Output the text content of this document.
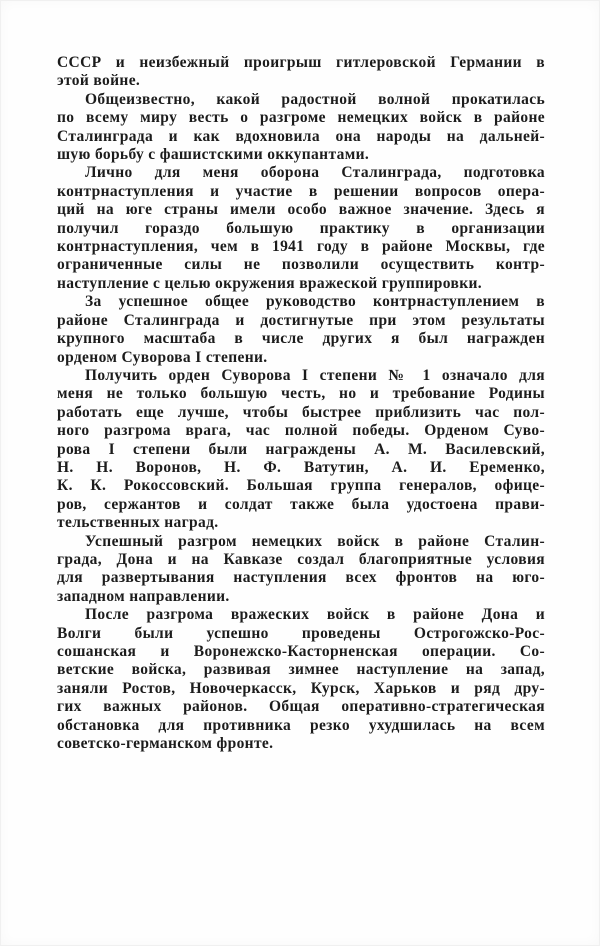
СССР и неизбежный проигрыш гитлеровской Германии в
этой войне.
Общеизвестно, какой радостной волной прокатилась
по всему миру весть о разгроме немецких войск в районе
Сталинграда и как вдохновила она народы на дальней-
шую борьбу с фашистскими оккупантами.
Лично для меня оборона Сталинграда, подготовка
контрнаступления и участие в решении вопросов опера-
ций на юге страны имели особо важное значение. Здесь я
получил гораздо большую практику в организации
контрнаступления, чем в 1941 году в районе Москвы, где
ограниченные силы не позволили осуществить контр-
наступление с целью окружения вражеской группировки.
За успешное общее руководство контрнаступлением в
районе Сталинграда и достигнутые при этом результаты
крупного масштаба в числе других я был награжден
орденом Суворова I степени.
Получить орден Суворова I степени № 1 означало для
меня не только большую честь, но и требование Родины
работать еще лучше, чтобы быстрее приблизить час пол-
ного разгрома врага, час полной победы. Орденом Суво-
рова I степени были награждены А. М. Василевский,
Н. Н. Воронов, Н. Ф. Ватутин, А. И. Еременко,
К. К. Рокоссовский. Большая группа генералов, офице-
ров, сержантов и солдат также была удостоена прави-
тельственных наград.
Успешный разгром немецких войск в районе Сталин-
града, Дона и на Кавказе создал благоприятные условия
для развертывания наступления всех фронтов на юго-
западном направлении.
После разгрома вражеских войск в районе Дона и
Волги были успешно проведены Острогожско-Рос-
сошанская и Воронежско-Касторненская операции. Со-
ветские войска, развивая зимнее наступление на запад,
заняли Ростов, Новочеркасск, Курск, Харьков и ряд дру-
гих важных районов. Общая оперативно-стратегическая
обстановка для противника резко ухудшилась на всем
советско-германском фронте.
